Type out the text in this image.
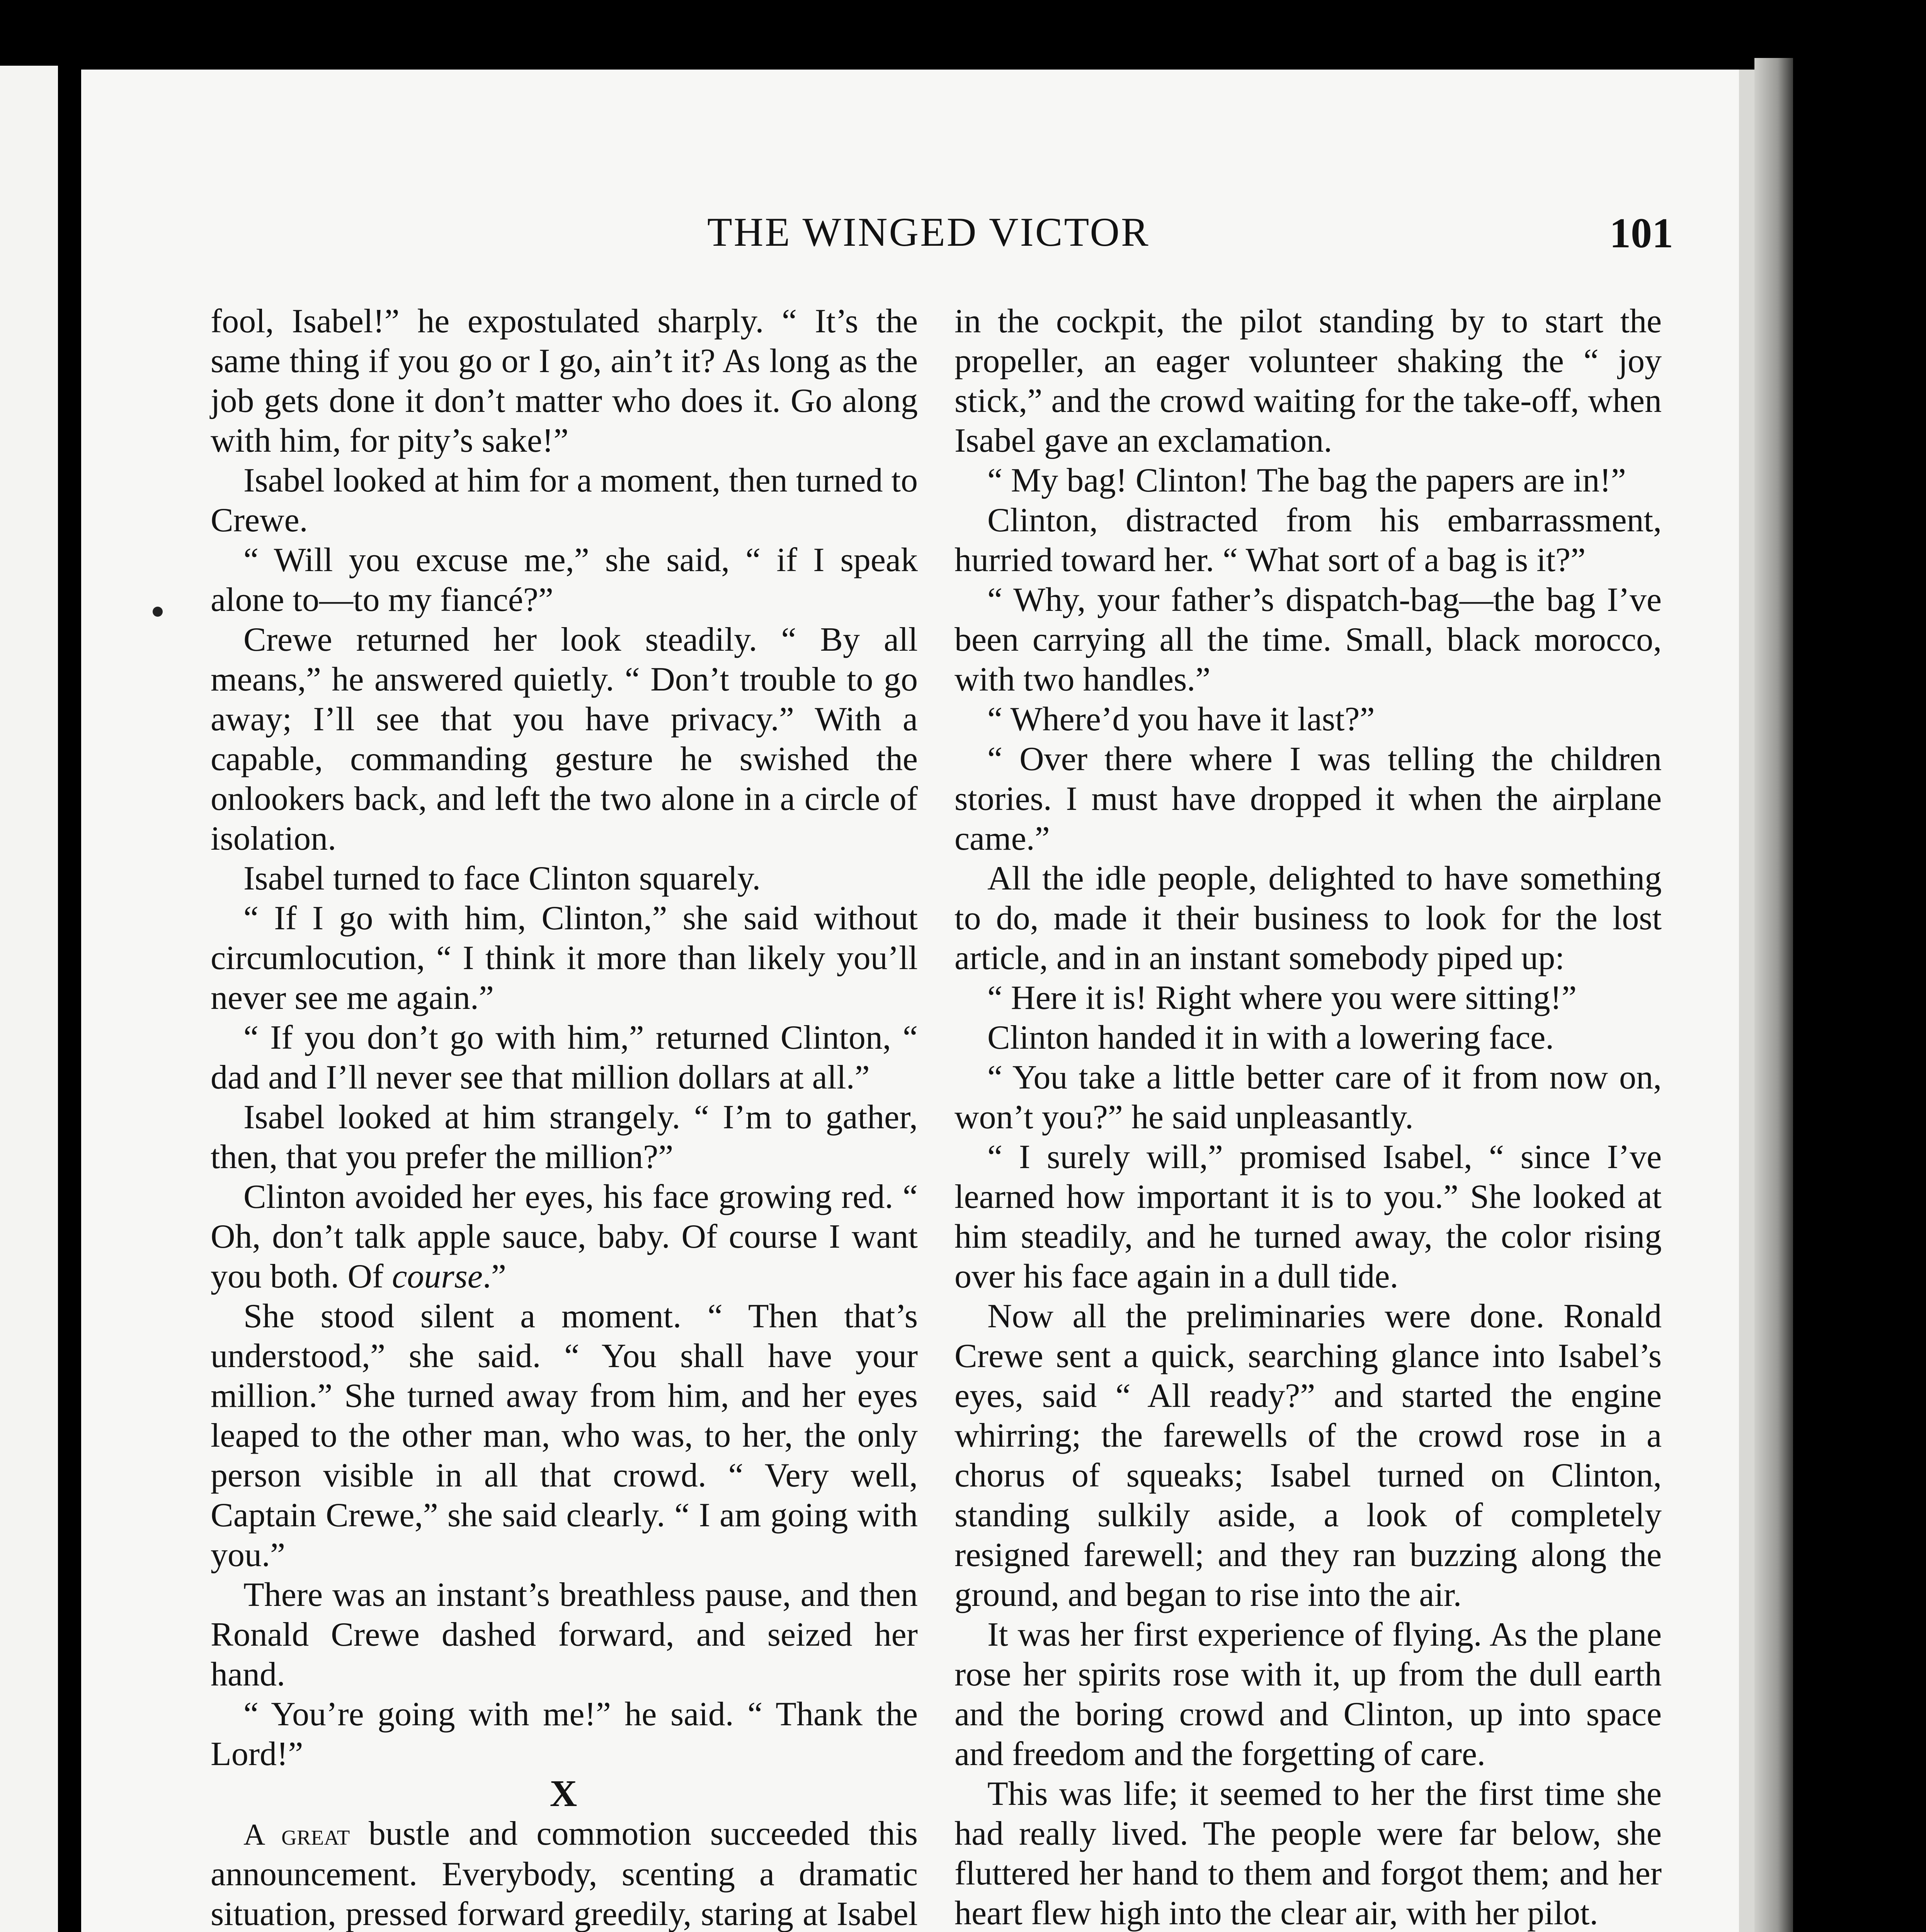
THE WINGED VICTOR	101

fool, Isabel!” he expostulated sharply. “ It’s the same thing if you go or I go, ain’t it? As long as the job gets done it don’t matter who does it. Go along with him, for pity’s sake!”

Isabel looked at him for a moment, then turned to Crewe.

“ Will you excuse me,” she said, “ if I speak alone to—to my fiancé?”

Crewe returned her look steadily. “ By all means,” he answered quietly. “ Don’t trouble to go away; I’ll see that you have privacy.” With a capable, commanding gesture he swished the onlookers back, and left the two alone in a circle of isolation.

Isabel turned to face Clinton squarely.

“ If I go with him, Clinton,” she said without circumlocution, “ I think it more than likely you’ll never see me again.”

“ If you don’t go with him,” returned Clinton, “ dad and I’ll never see that million dollars at all.”

Isabel looked at him strangely. “ I’m to gather, then, that you prefer the million?”

Clinton avoided her eyes, his face growing red. “ Oh, don’t talk apple sauce, baby. Of course I want you both. Of course.”

She stood silent a moment. “ Then that’s understood,” she said. “ You shall have your million.” She turned away from him, and her eyes leaped to the other man, who was, to her, the only person visible in all that crowd. “ Very well, Captain Crewe,” she said clearly. “ I am going with you.”

There was an instant’s breathless pause, and then Ronald Crewe dashed forward, and seized her hand.

“ You’re going with me!” he said. “ Thank the Lord!”

X

A great bustle and commotion succeeded this announcement. Everybody, scenting a dramatic situation, pressed forward greedily, staring at Isabel

in the cockpit, the pilot standing by to start the propeller, an eager volunteer shaking the “ joy stick,” and the crowd waiting for the take-off, when Isabel gave an exclamation.

“ My bag! Clinton! The bag the papers are in!”

Clinton, distracted from his embarrassment, hurried toward her. “ What sort of a bag is it?”

“ Why, your father’s dispatch-bag—the bag I’ve been carrying all the time. Small, black morocco, with two handles.”

“ Where’d you have it last?”

“ Over there where I was telling the children stories. I must have dropped it when the airplane came.”

All the idle people, delighted to have something to do, made it their business to look for the lost article, and in an instant somebody piped up:

“ Here it is! Right where you were sitting!”

Clinton handed it in with a lowering face.

“ You take a little better care of it from now on, won’t you?” he said unpleasantly.

“ I surely will,” promised Isabel, “ since I’ve learned how important it is to you.” She looked at him steadily, and he turned away, the color rising over his face again in a dull tide.

Now all the preliminaries were done. Ronald Crewe sent a quick, searching glance into Isabel’s eyes, said “ All ready?” and started the engine whirring; the farewells of the crowd rose in a chorus of squeaks; Isabel turned on Clinton, standing sulkily aside, a look of completely resigned farewell; and they ran buzzing along the ground, and began to rise into the air.

It was her first experience of flying. As the plane rose her spirits rose with it, up from the dull earth and the boring crowd and Clinton, up into space and freedom and the forgetting of care.

This was life; it seemed to her the first time she had really lived. The people were far below, she fluttered her hand to them and forgot them; and her heart flew high into the clear air, with her pilot.
